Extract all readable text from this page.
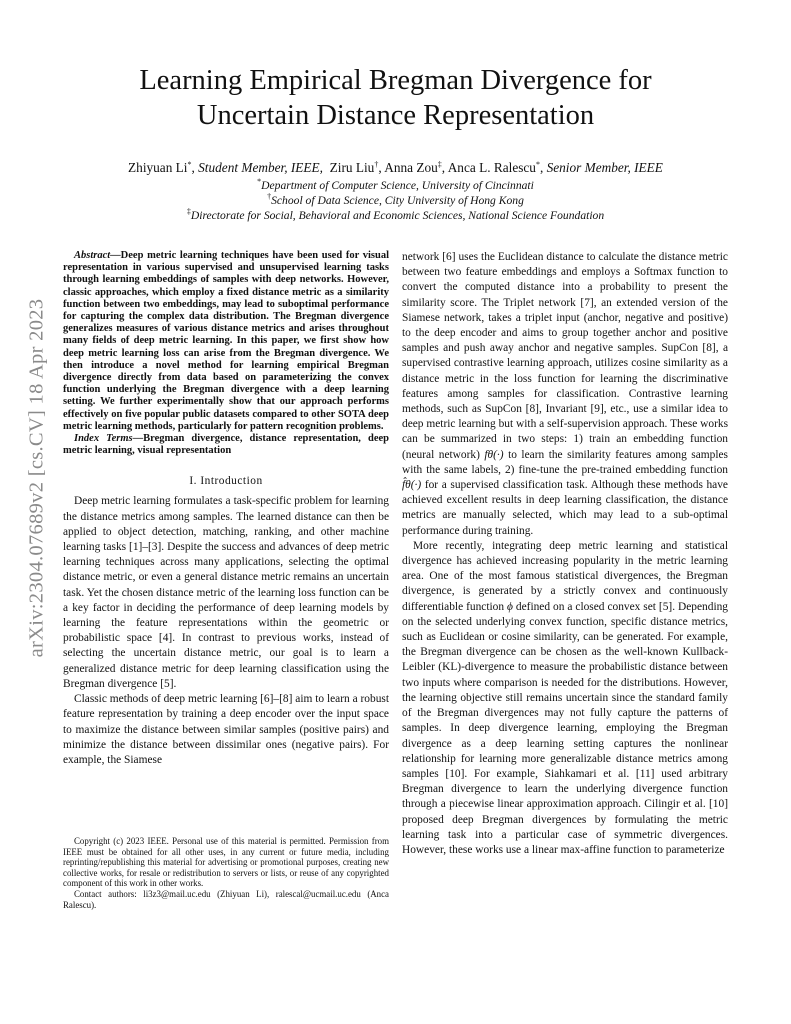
arXiv:2304.07689v2 [cs.CV] 18 Apr 2023
Learning Empirical Bregman Divergence for
Uncertain Distance Representation
Zhiyuan Li*, Student Member, IEEE, Ziru Liu†, Anna Zou‡, Anca L. Ralescu*, Senior Member, IEEE
*Department of Computer Science, University of Cincinnati
†School of Data Science, City University of Hong Kong
‡Directorate for Social, Behavioral and Economic Sciences, National Science Foundation

Abstract—Deep metric learning techniques have been used for visual representation in various supervised and unsupervised learning tasks through learning embeddings of samples with deep networks. However, classic approaches, which employ a fixed distance metric as a similarity function between two embeddings, may lead to suboptimal performance for capturing the complex data distribution. The Bregman divergence generalizes measures of various distance metrics and arises throughout many fields of deep metric learning. In this paper, we first show how deep metric learning loss can arise from the Bregman divergence. We then introduce a novel method for learning empirical Bregman divergence directly from data based on parameterizing the convex function underlying the Bregman divergence with a deep learning setting. We further experimentally show that our approach performs effectively on five popular public datasets compared to other SOTA deep metric learning methods, particularly for pattern recognition problems.

Index Terms—Bregman divergence, distance representation, deep metric learning, visual representation

I. Introduction

Deep metric learning formulates a task-specific problem for learning the distance metrics among samples. The learned distance can then be applied to object detection, matching, ranking, and other machine learning tasks [1]–[3]. Despite the success and advances of deep metric learning techniques across many applications, selecting the optimal distance metric, or even a general distance metric remains an uncertain task. Yet the chosen distance metric of the learning loss function can be a key factor in deciding the performance of deep learning models by learning the feature representations within the geometric or probabilistic space [4]. In contrast to previous works, instead of selecting the uncertain distance metric, our goal is to learn a generalized distance metric for deep learning classification using the Bregman divergence [5].

Classic methods of deep metric learning [6]–[8] aim to learn a robust feature representation by training a deep encoder over the input space to maximize the distance between similar samples (positive pairs) and minimize the distance between dissimilar ones (negative pairs). For example, the Siamese

Copyright (c) 2023 IEEE. Personal use of this material is permitted. Permission from IEEE must be obtained for all other uses, in any current or future media, including reprinting/republishing this material for advertising or promotional purposes, creating new collective works, for resale or redistribution to servers or lists, or reuse of any copyrighted component of this work in other works.

Contact authors: li3z3@mail.uc.edu (Zhiyuan Li), ralescal@ucmail.uc.edu (Anca Ralescu).

network [6] uses the Euclidean distance to calculate the distance metric between two feature embeddings and employs a Softmax function to convert the computed distance into a probability to present the similarity score. The Triplet network [7], an extended version of the Siamese network, takes a triplet input (anchor, negative and positive) to the deep encoder and aims to group together anchor and positive samples and push away anchor and negative samples. SupCon [8], a supervised contrastive learning approach, utilizes cosine similarity as a distance metric in the loss function for learning the discriminative features among samples for classification. Contrastive learning methods, such as SupCon [8], Invariant [9], etc., use a similar idea to deep metric learning but with a self-supervision approach. These works can be summarized in two steps: 1) train an embedding function (neural network) fθ(·) to learn the similarity features among samples with the same labels, 2) fine-tune the pre-trained embedding function f̂θ(·) for a supervised classification task. Although these methods have achieved excellent results in deep learning classification, the distance metrics are manually selected, which may lead to a sub-optimal performance during training.

More recently, integrating deep metric learning and statistical divergence has achieved increasing popularity in the metric learning area. One of the most famous statistical divergences, the Bregman divergence, is generated by a strictly convex and continuously differentiable function ϕ defined on a closed convex set [5]. Depending on the selected underlying convex function, specific distance metrics, such as Euclidean or cosine similarity, can be generated. For example, the Bregman divergence can be chosen as the well-known Kullback-Leibler (KL)-divergence to measure the probabilistic distance between two inputs where comparison is needed for the distributions. However, the learning objective still remains uncertain since the standard family of the Bregman divergences may not fully capture the patterns of samples. In deep divergence learning, employing the Bregman divergence as a deep learning setting captures the nonlinear relationship for learning more generalizable distance metrics among samples [10]. For example, Siahkamari et al. [11] used arbitrary Bregman divergence to learn the underlying divergence function through a piecewise linear approximation approach. Cilingir et al. [10] proposed deep Bregman divergences by formulating the metric learning task into a particular case of symmetric divergences. However, these works use a linear max-affine function to parameterize
